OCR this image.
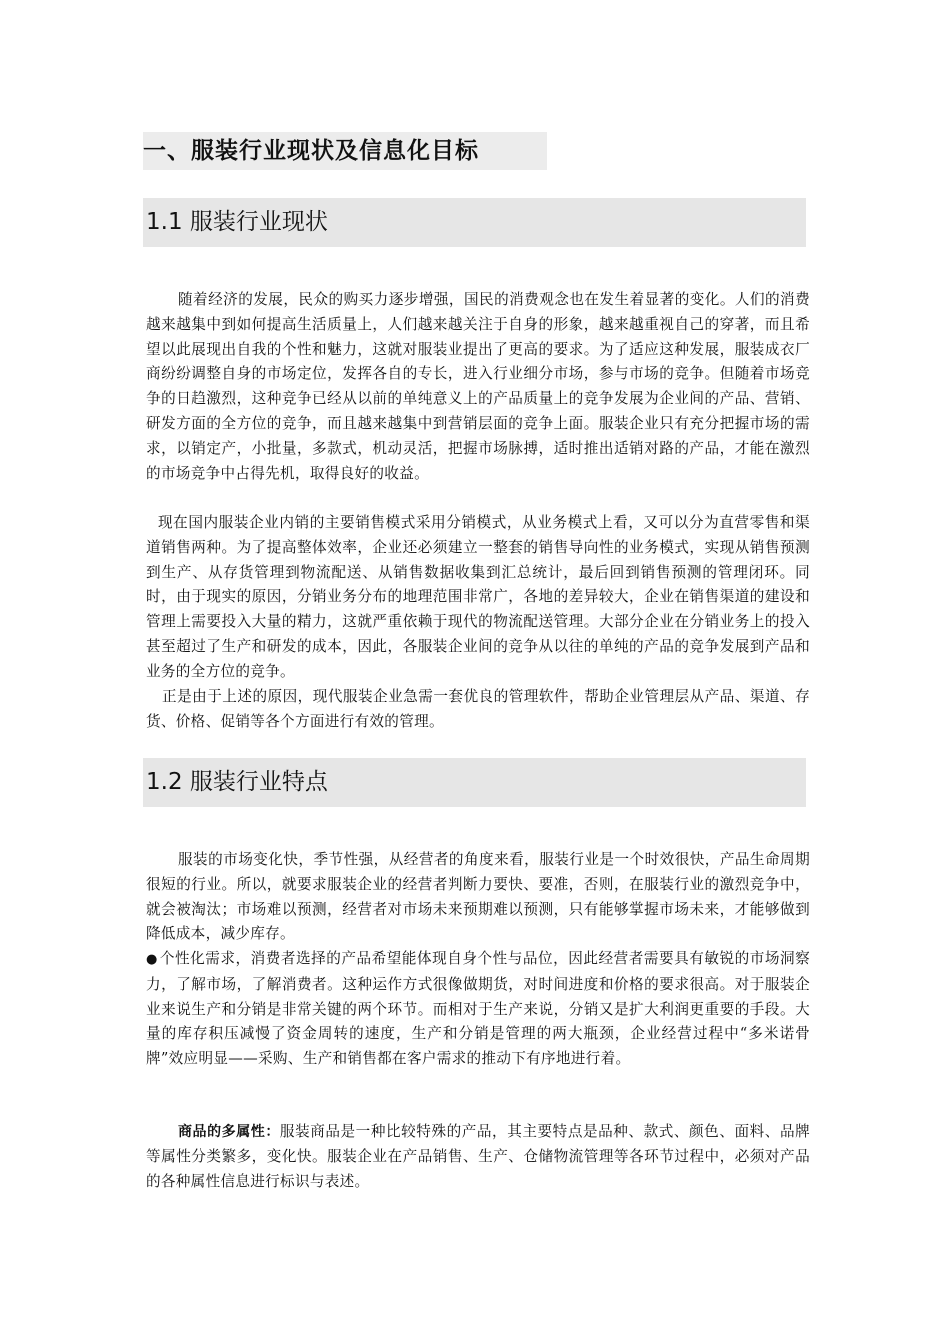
一、服装行业现状及信息化目标
1.1 服装行业现状
随着经济的发展，民众的购买力逐步增强，国民的消费观念也在发生着显著的变化。人们的消费越来越集中到如何提高生活质量上，人们越来越关注于自身的形象，越来越重视自己的穿著，而且希望以此展现出自我的个性和魅力，这就对服装业提出了更高的要求。为了适应这种发展，服装成衣厂商纷纷调整自身的市场定位，发挥各自的专长，进入行业细分市场，参与市场的竞争。但随着市场竞争的日趋激烈，这种竞争已经从以前的单纯意义上的产品质量上的竞争发展为企业间的产品、营销、研发方面的全方位的竞争，而且越来越集中到营销层面的竞争上面。服装企业只有充分把握市场的需求，以销定产，小批量，多款式，机动灵活，把握市场脉搏，适时推出适销对路的产品，才能在激烈的市场竞争中占得先机，取得良好的收益。
现在国内服装企业内销的主要销售模式采用分销模式，从业务模式上看，又可以分为直营零售和渠道销售两种。为了提高整体效率，企业还必须建立一整套的销售导向性的业务模式，实现从销售预测到生产、从存货管理到物流配送、从销售数据收集到汇总统计，最后回到销售预测的管理闭环。同时，由于现实的原因，分销业务分布的地理范围非常广，各地的差异较大，企业在销售渠道的建设和管理上需要投入大量的精力，这就严重依赖于现代的物流配送管理。大部分企业在分销业务上的投入甚至超过了生产和研发的成本，因此，各服装企业间的竞争从以往的单纯的产品的竞争发展到产品和业务的全方位的竞争。
正是由于上述的原因，现代服装企业急需一套优良的管理软件，帮助企业管理层从产品、渠道、存货、价格、促销等各个方面进行有效的管理。
1.2 服装行业特点
服装的市场变化快，季节性强，从经营者的角度来看，服装行业是一个时效很快，产品生命周期很短的行业。所以，就要求服装企业的经营者判断力要快、要准，否则，在服装行业的激烈竞争中，就会被淘汰；市场难以预测，经营者对市场未来预期难以预测，只有能够掌握市场未来，才能够做到降低成本，减少库存。
● 个性化需求，消费者选择的产品希望能体现自身个性与品位，因此经营者需要具有敏锐的市场洞察力，了解市场，了解消费者。这种运作方式很像做期货，对时间进度和价格的要求很高。对于服装企业来说生产和分销是非常关键的两个环节。而相对于生产来说，分销又是扩大利润更重要的手段。大量的库存积压减慢了资金周转的速度，生产和分销是管理的两大瓶颈，企业经营过程中“多米诺骨牌”效应明显——采购、生产和销售都在客户需求的推动下有序地进行着。
商品的多属性：服装商品是一种比较特殊的产品，其主要特点是品种、款式、颜色、面料、品牌等属性分类繁多，变化快。服装企业在产品销售、生产、仓储物流管理等各环节过程中，必须对产品的各种属性信息进行标识与表述。
